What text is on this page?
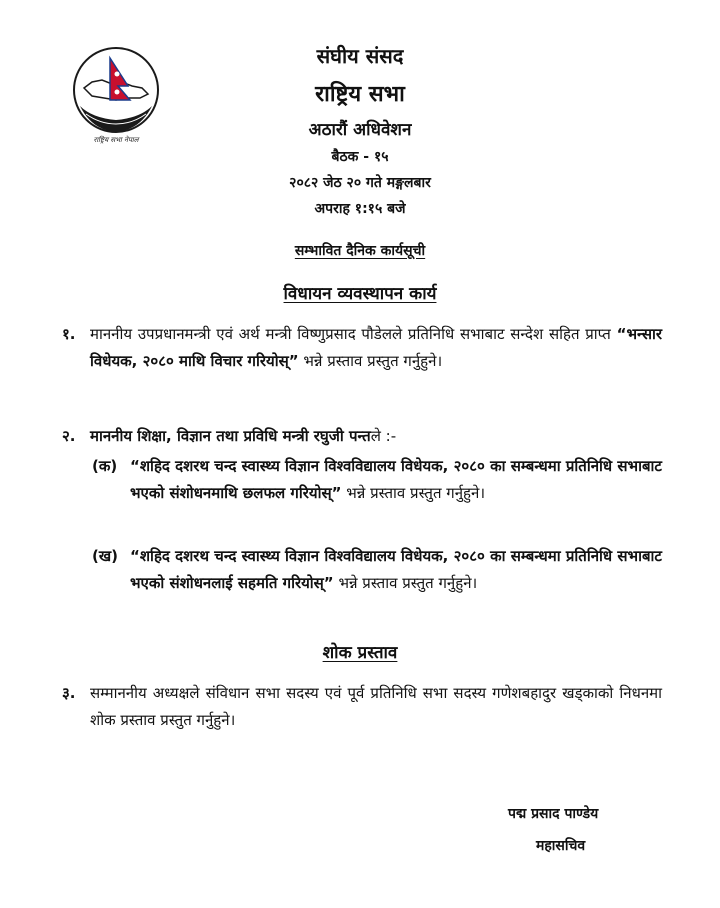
राष्ट्रिय सभा नेपाल
संघीय संसद
राष्ट्रिय सभा
अठारौं अधिवेशन
बैठक - १५
२०८२ जेठ २० गते मङ्गलबार
अपराह १:१५ बजे
सम्भावित दैनिक कार्यसूची
विधायन व्यवस्थापन कार्य
१. माननीय उपप्रधानमन्त्री एवं अर्थ मन्त्री विष्णुप्रसाद पौडेलले प्रतिनिधि सभाबाट सन्देश सहित प्राप्त “भन्सार विधेयक, २०८० माथि विचार गरियोस्” भन्ने प्रस्ताव प्रस्तुत गर्नुहुने।

२. माननीय शिक्षा, विज्ञान तथा प्रविधि मन्त्री रघुजी पन्तले :-

(क) “शहिद दशरथ चन्द स्वास्थ्य विज्ञान विश्वविद्यालय विधेयक, २०८० का सम्बन्धमा प्रतिनिधि सभाबाट भएको संशोधनमाथि छलफल गरियोस्” भन्ने प्रस्ताव प्रस्तुत गर्नुहुने।

(ख) “शहिद दशरथ चन्द स्वास्थ्य विज्ञान विश्वविद्यालय विधेयक, २०८० का सम्बन्धमा प्रतिनिधि सभाबाट भएको संशोधनलाई सहमति गरियोस्” भन्ने प्रस्ताव प्रस्तुत गर्नुहुने।

शोक प्रस्ताव
३. सम्माननीय अध्यक्षले संविधान सभा सदस्य एवं पूर्व प्रतिनिधि सभा सदस्य गणेशबहादुर खड्काको निधनमा शोक प्रस्ताव प्रस्तुत गर्नुहुने।

पद्म प्रसाद पाण्डेय
महासचिव
